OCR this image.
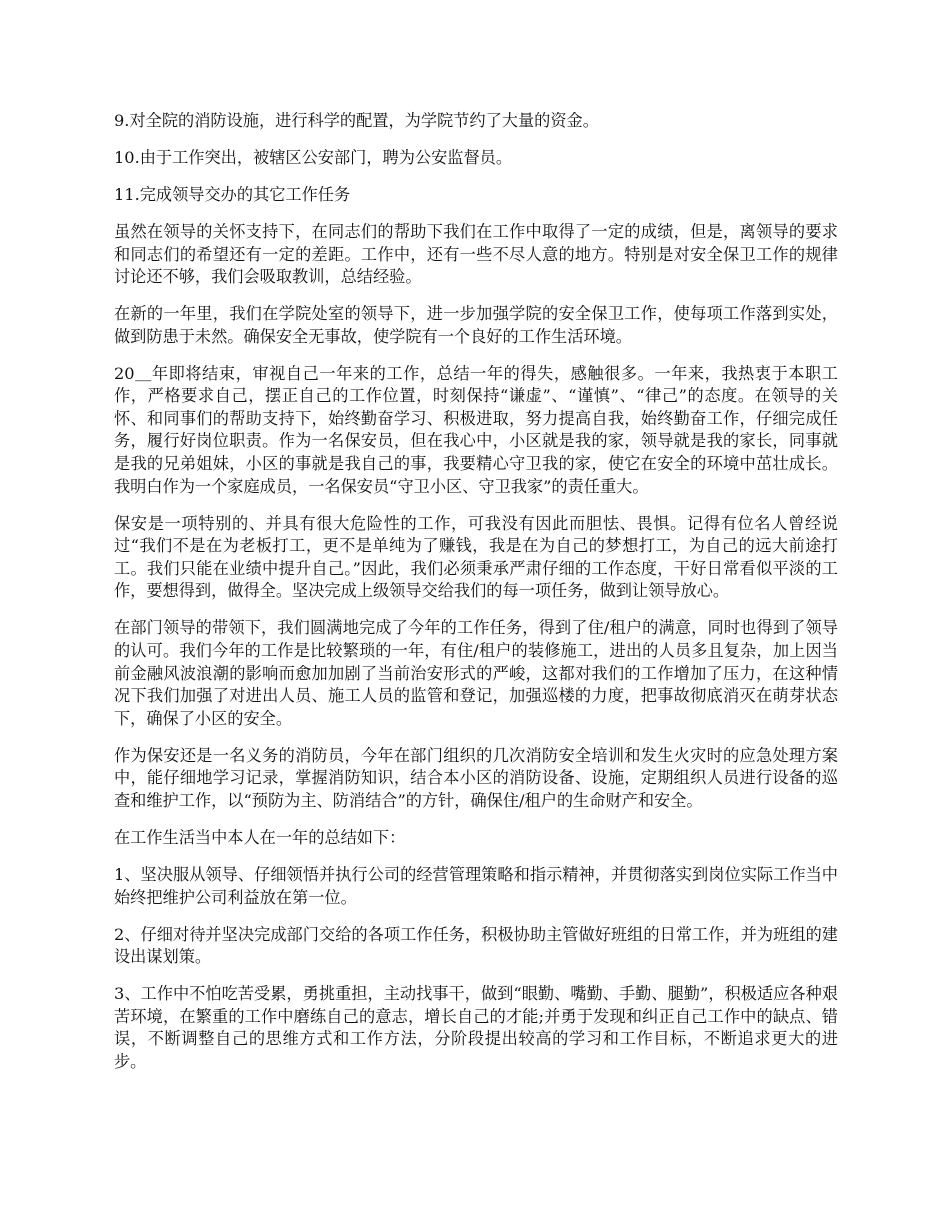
9.对全院的消防设施，进行科学的配置，为学院节约了大量的资金。

10.由于工作突出，被辖区公安部门，聘为公安监督员。

11.完成领导交办的其它工作任务

虽然在领导的关怀支持下，在同志们的帮助下我们在工作中取得了一定的成绩，但是，离领导的要求和同志们的希望还有一定的差距。工作中，还有一些不尽人意的地方。特别是对安全保卫工作的规律讨论还不够，我们会吸取教训，总结经验。

在新的一年里，我们在学院处室的领导下，进一步加强学院的安全保卫工作，使每项工作落到实处，做到防患于未然。确保安全无事故，使学院有一个良好的工作生活环境。

20＿年即将结束，审视自己一年来的工作，总结一年的得失，感触很多。一年来，我热衷于本职工作，严格要求自己，摆正自己的工作位置，时刻保持“谦虚”、“谨慎”、“律己”的态度。在领导的关怀、和同事们的帮助支持下，始终勤奋学习、积极进取，努力提高自我，始终勤奋工作，仔细完成任务，履行好岗位职责。作为一名保安员，但在我心中，小区就是我的家，领导就是我的家长，同事就是我的兄弟姐妹，小区的事就是我自己的事，我要精心守卫我的家，使它在安全的环境中茁壮成长。我明白作为一个家庭成员，一名保安员“守卫小区、守卫我家”的责任重大。

保安是一项特别的、并具有很大危险性的工作，可我没有因此而胆怯、畏惧。记得有位名人曾经说过“我们不是在为老板打工，更不是单纯为了赚钱，我是在为自己的梦想打工，为自己的远大前途打工。我们只能在业绩中提升自己。”因此，我们必须秉承严肃仔细的工作态度，干好日常看似平淡的工作，要想得到，做得全。坚决完成上级领导交给我们的每一项任务，做到让领导放心。

在部门领导的带领下，我们圆满地完成了今年的工作任务，得到了住/租户的满意，同时也得到了领导的认可。我们今年的工作是比较繁琐的一年，有住/租户的装修施工，进出的人员多且复杂，加上因当前金融风波浪潮的影响而愈加加剧了当前治安形式的严峻，这都对我们的工作增加了压力，在这种情况下我们加强了对进出人员、施工人员的监管和登记，加强巡楼的力度，把事故彻底消灭在萌芽状态下，确保了小区的安全。

作为保安还是一名义务的消防员，今年在部门组织的几次消防安全培训和发生火灾时的应急处理方案中，能仔细地学习记录，掌握消防知识，结合本小区的消防设备、设施，定期组织人员进行设备的巡查和维护工作，以“预防为主、防消结合”的方针，确保住/租户的生命财产和安全。

在工作生活当中本人在一年的总结如下：

1、坚决服从领导、仔细领悟并执行公司的经营管理策略和指示精神，并贯彻落实到岗位实际工作当中始终把维护公司利益放在第一位。

2、仔细对待并坚决完成部门交给的各项工作任务，积极协助主管做好班组的日常工作，并为班组的建设出谋划策。

3、工作中不怕吃苦受累，勇挑重担，主动找事干，做到“眼勤、嘴勤、手勤、腿勤”，积极适应各种艰苦环境，在繁重的工作中磨练自己的意志，增长自己的才能;并勇于发现和纠正自己工作中的缺点、错误，不断调整自己的思维方式和工作方法，分阶段提出较高的学习和工作目标，不断追求更大的进步。
